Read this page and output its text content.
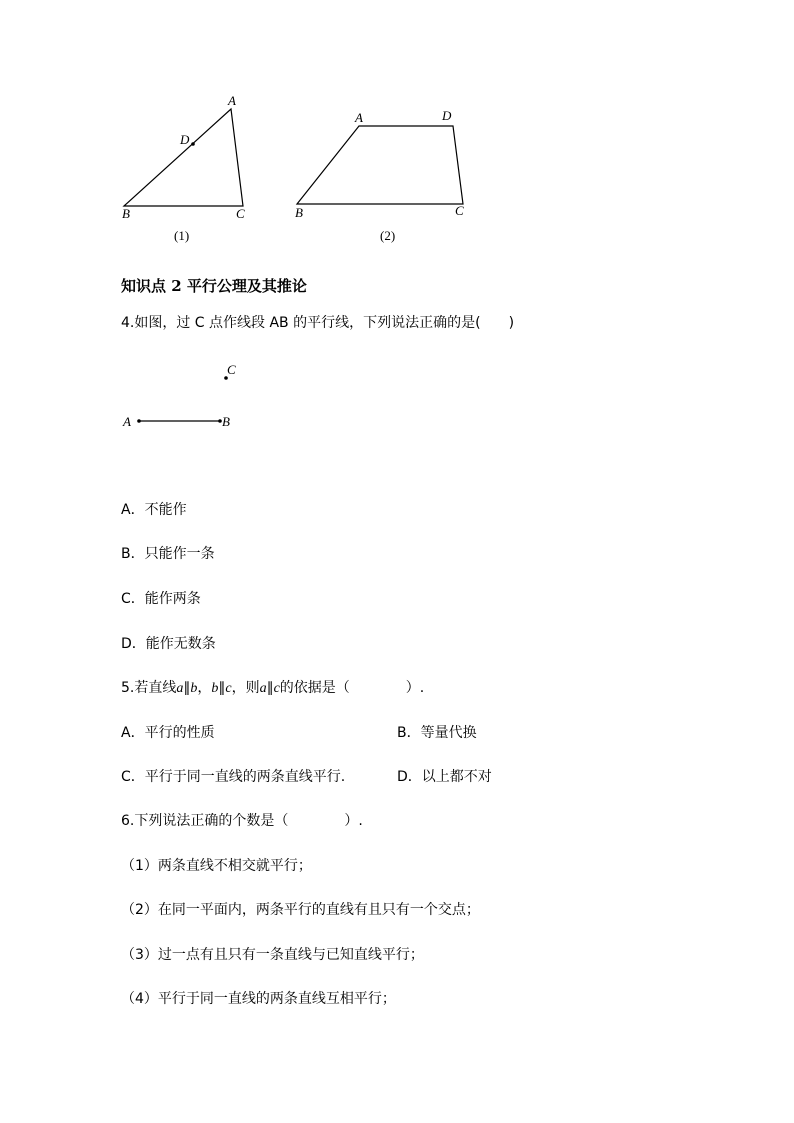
A
D
B	C
A	D
B	C
(1)	(2)
知识点 2 平行公理及其推论
4.如图，过 C 点作线段 AB 的平行线，下列说法正确的是(　　)
C
A	B
A．不能作
B．只能作一条
C．能作两条
D．能作无数条
5.若直线a∥b，b∥c，则a∥c的依据是（　　　　）.
A．平行的性质	B．等量代换
C．平行于同一直线的两条直线平行.	D．以上都不对
6.下列说法正确的个数是（　　　　）.
（1）两条直线不相交就平行；
（2）在同一平面内，两条平行的直线有且只有一个交点；
（3）过一点有且只有一条直线与已知直线平行；
（4）平行于同一直线的两条直线互相平行；
